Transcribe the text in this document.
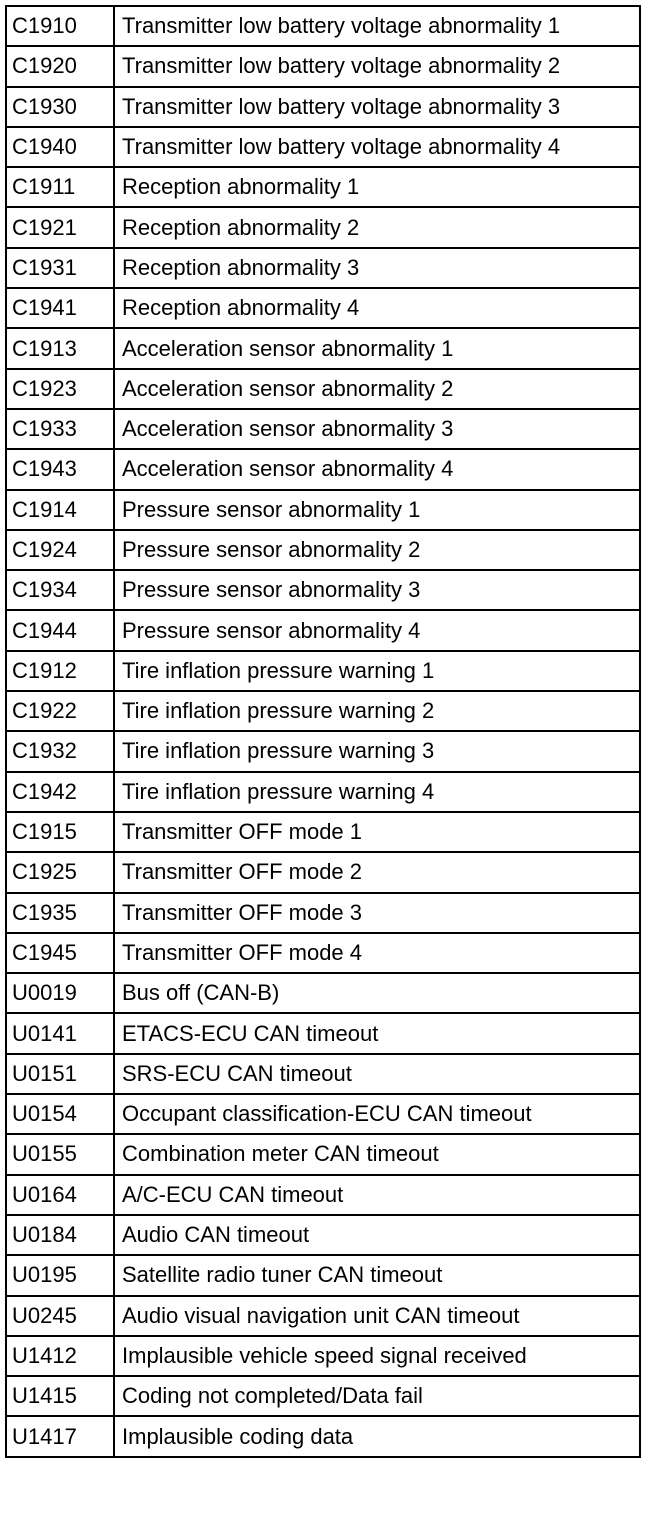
C1910	Transmitter low battery voltage abnormality 1
C1920	Transmitter low battery voltage abnormality 2
C1930	Transmitter low battery voltage abnormality 3
C1940	Transmitter low battery voltage abnormality 4
C1911	Reception abnormality 1
C1921	Reception abnormality 2
C1931	Reception abnormality 3
C1941	Reception abnormality 4
C1913	Acceleration sensor abnormality 1
C1923	Acceleration sensor abnormality 2
C1933	Acceleration sensor abnormality 3
C1943	Acceleration sensor abnormality 4
C1914	Pressure sensor abnormality 1
C1924	Pressure sensor abnormality 2
C1934	Pressure sensor abnormality 3
C1944	Pressure sensor abnormality 4
C1912	Tire inflation pressure warning 1
C1922	Tire inflation pressure warning 2
C1932	Tire inflation pressure warning 3
C1942	Tire inflation pressure warning 4
C1915	Transmitter OFF mode 1
C1925	Transmitter OFF mode 2
C1935	Transmitter OFF mode 3
C1945	Transmitter OFF mode 4
U0019	Bus off (CAN-B)
U0141	ETACS-ECU CAN timeout
U0151	SRS-ECU CAN timeout
U0154	Occupant classification-ECU CAN timeout
U0155	Combination meter CAN timeout
U0164	A/C-ECU CAN timeout
U0184	Audio CAN timeout
U0195	Satellite radio tuner CAN timeout
U0245	Audio visual navigation unit CAN timeout
U1412	Implausible vehicle speed signal received
U1415	Coding not completed/Data fail
U1417	Implausible coding data
